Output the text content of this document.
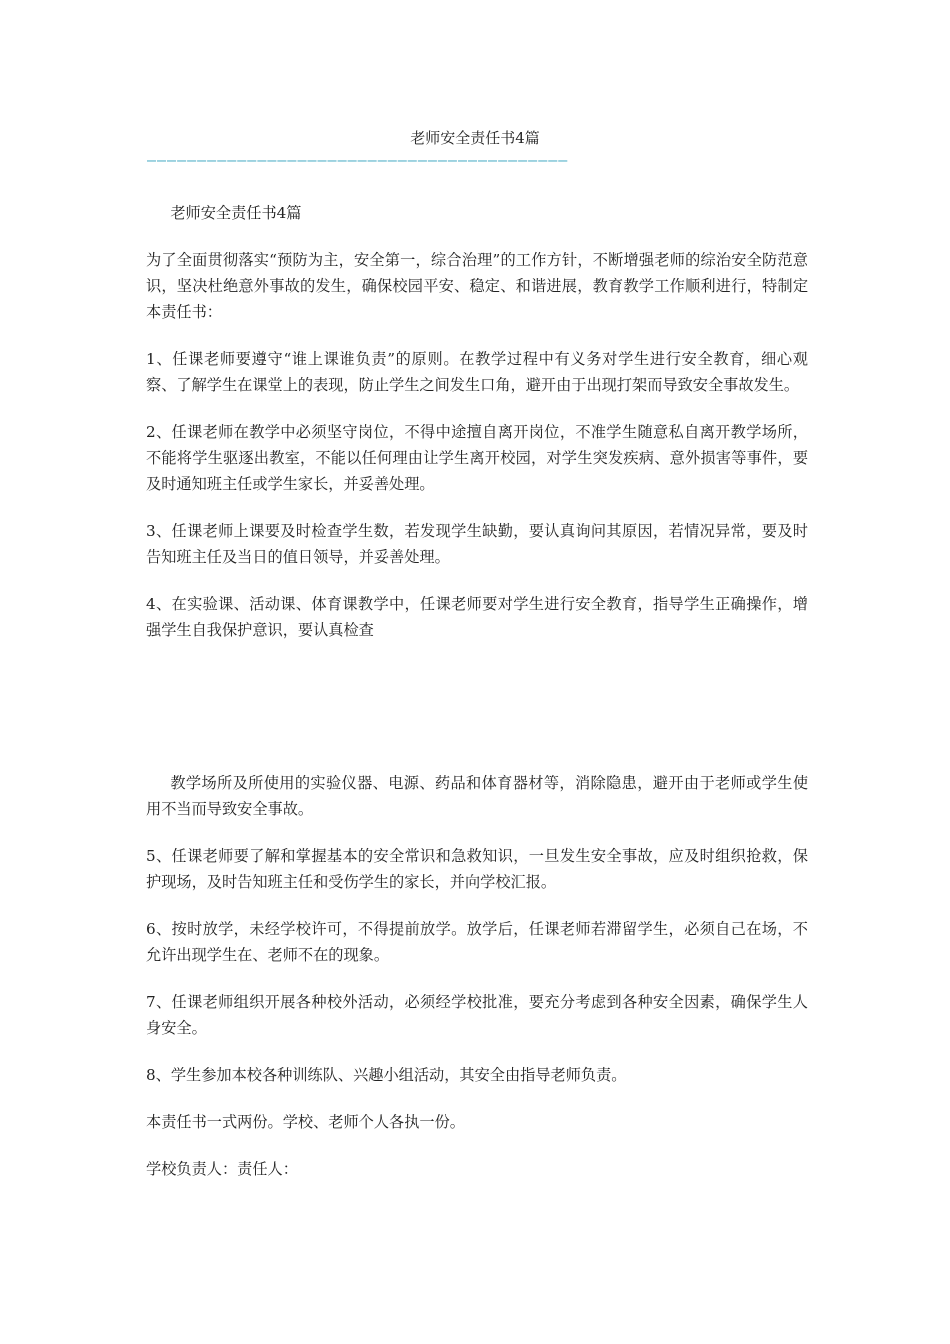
老师安全责任书4篇
——————————————————————————————————————————

老师安全责任书4篇

为了全面贯彻落实“预防为主，安全第一，综合治理”的工作方针，不断增强老师的综治安全防范意识，坚决杜绝意外事故的发生，确保校园平安、稳定、和谐进展，教育教学工作顺利进行，特制定本责任书：

1、任课老师要遵守“谁上课谁负责”的原则。在教学过程中有义务对学生进行安全教育，细心观察、了解学生在课堂上的表现，防止学生之间发生口角，避开由于出现打架而导致安全事故发生。

2、任课老师在教学中必须坚守岗位，不得中途擅自离开岗位，不准学生随意私自离开教学场所，不能将学生驱逐出教室，不能以任何理由让学生离开校园，对学生突发疾病、意外损害等事件，要及时通知班主任或学生家长，并妥善处理。

3、任课老师上课要及时检查学生数，若发现学生缺勤，要认真询问其原因，若情况异常，要及时告知班主任及当日的值日领导，并妥善处理。

4、在实验课、活动课、体育课教学中，任课老师要对学生进行安全教育，指导学生正确操作，增强学生自我保护意识，要认真检查

教学场所及所使用的实验仪器、电源、药品和体育器材等，消除隐患，避开由于老师或学生使用不当而导致安全事故。

5、任课老师要了解和掌握基本的安全常识和急救知识，一旦发生安全事故，应及时组织抢救，保护现场，及时告知班主任和受伤学生的家长，并向学校汇报。

6、按时放学，未经学校许可，不得提前放学。放学后，任课老师若滞留学生，必须自己在场，不允许出现学生在、老师不在的现象。

7、任课老师组织开展各种校外活动，必须经学校批准，要充分考虑到各种安全因素，确保学生人身安全。

8、学生参加本校各种训练队、兴趣小组活动，其安全由指导老师负责。

本责任书一式两份。学校、老师个人各执一份。

学校负责人：责任人：
